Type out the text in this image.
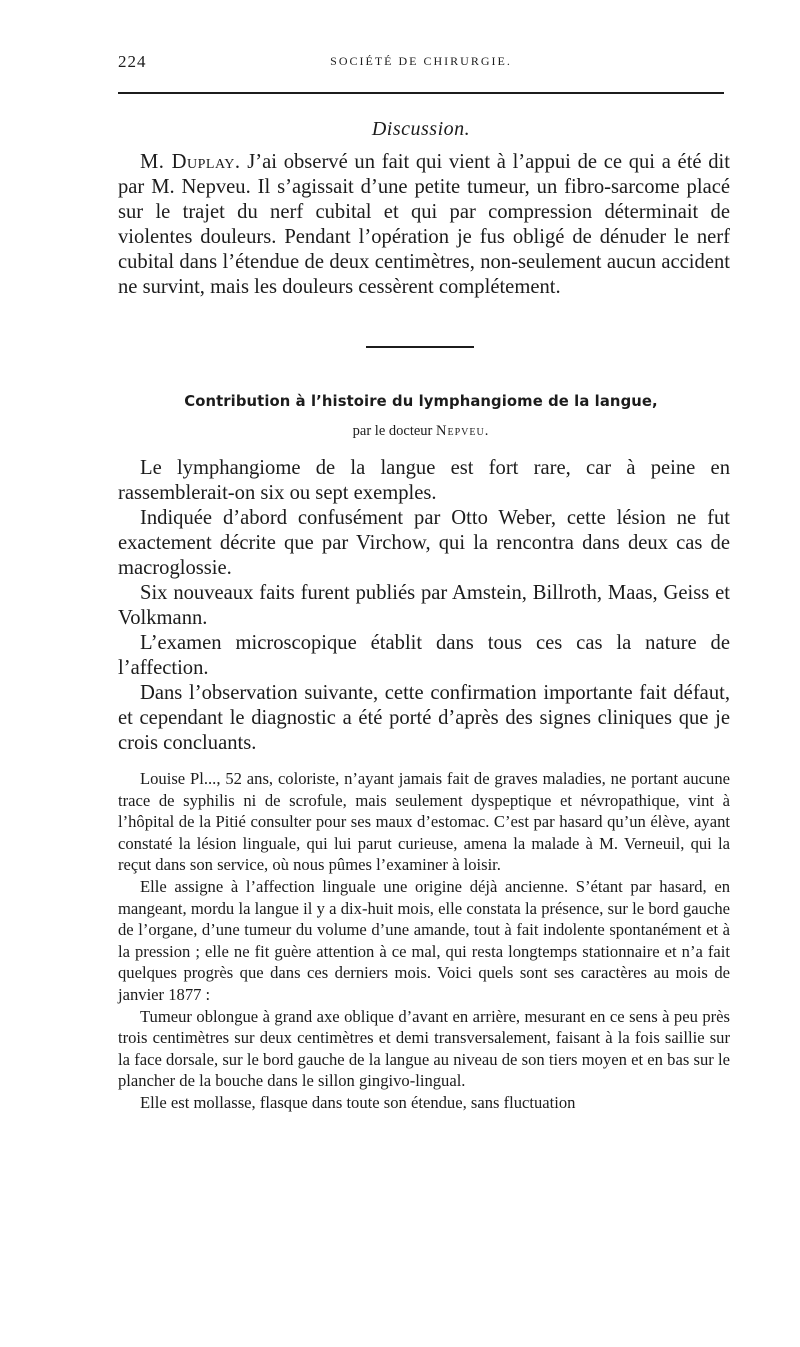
224	SOCIÉTÉ DE CHIRURGIE.
Discussion.

M. Duplay. J’ai observé un fait qui vient à l’appui de ce qui a été dit par M. Nepveu. Il s’agissait d’une petite tumeur, un fibro-sarcome placé sur le trajet du nerf cubital et qui par compression déterminait de violentes douleurs. Pendant l’opération je fus obligé de dénuder le nerf cubital dans l’étendue de deux centimètres, non-seulement aucun accident ne survint, mais les douleurs cessèrent complétement.

Contribution à l’histoire du lymphangiome de la langue,
par le docteur Nepveu.

Le lymphangiome de la langue est fort rare, car à peine en rassemblerait-on six ou sept exemples.

Indiquée d’abord confusément par Otto Weber, cette lésion ne fut exactement décrite que par Virchow, qui la rencontra dans deux cas de macroglossie.

Six nouveaux faits furent publiés par Amstein, Billroth, Maas, Geiss et Volkmann.

L’examen microscopique établit dans tous ces cas la nature de l’affection.

Dans l’observation suivante, cette confirmation importante fait défaut, et cependant le diagnostic a été porté d’après des signes cliniques que je crois concluants.

Louise Pl..., 52 ans, coloriste, n’ayant jamais fait de graves maladies, ne portant aucune trace de syphilis ni de scrofule, mais seulement dyspeptique et névropathique, vint à l’hôpital de la Pitié consulter pour ses maux d’estomac. C’est par hasard qu’un élève, ayant constaté la lésion linguale, qui lui parut curieuse, amena la malade à M. Verneuil, qui la reçut dans son service, où nous pûmes l’examiner à loisir.

Elle assigne à l’affection linguale une origine déjà ancienne. S’étant par hasard, en mangeant, mordu la langue il y a dix-huit mois, elle constata la présence, sur le bord gauche de l’organe, d’une tumeur du volume d’une amande, tout à fait indolente spontanément et à la pression ; elle ne fit guère attention à ce mal, qui resta longtemps stationnaire et n’a fait quelques progrès que dans ces derniers mois. Voici quels sont ses caractères au mois de janvier 1877 :

Tumeur oblongue à grand axe oblique d’avant en arrière, mesurant en ce sens à peu près trois centimètres sur deux centimètres et demi transversalement, faisant à la fois saillie sur la face dorsale, sur le bord gauche de la langue au niveau de son tiers moyen et en bas sur le plancher de la bouche dans le sillon gingivo-lingual.

Elle est mollasse, flasque dans toute son étendue, sans fluctuation
